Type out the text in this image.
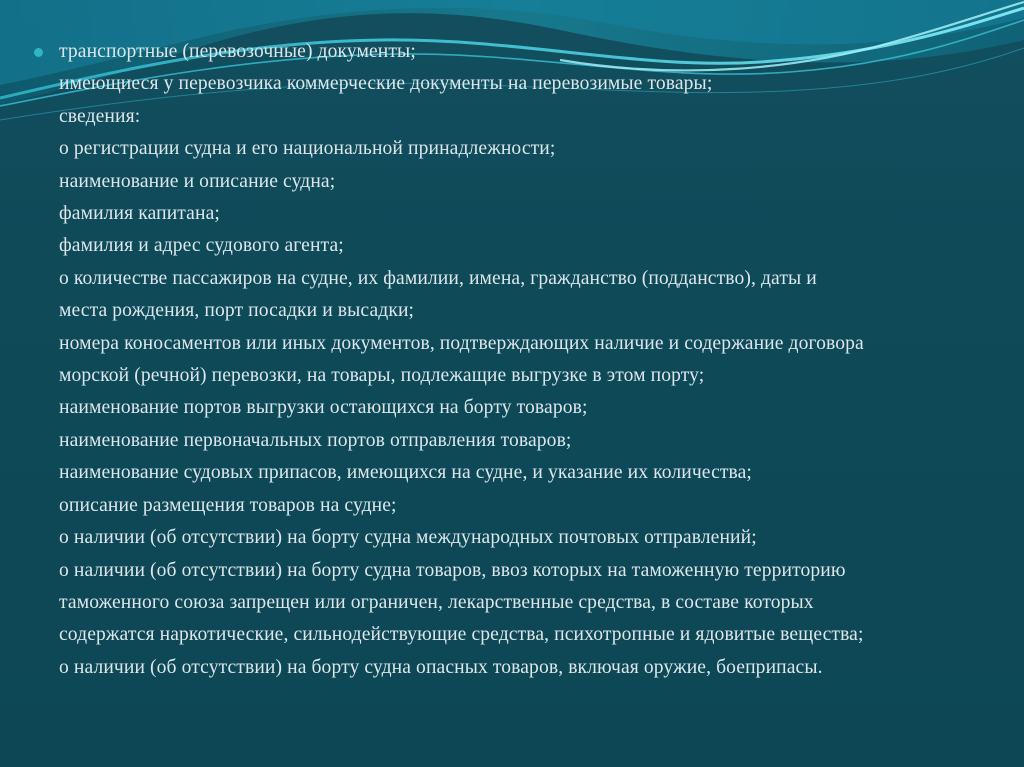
транспортные (перевозочные) документы;

имеющиеся у перевозчика коммерческие документы на перевозимые товары;

сведения:

о регистрации судна и его национальной принадлежности;

наименование и описание судна;

фамилия капитана;

фамилия и адрес судового агента;

о количестве пассажиров на судне, их фамилии, имена, гражданство (подданство), даты и

места рождения, порт посадки и высадки;

номера коносаментов или иных документов, подтверждающих наличие и содержание договора

морской (речной) перевозки, на товары, подлежащие выгрузке в этом порту;

наименование портов выгрузки остающихся на борту товаров;

наименование первоначальных портов отправления товаров;

наименование судовых припасов, имеющихся на судне, и указание их количества;

описание размещения товаров на судне;

о наличии (об отсутствии) на борту судна международных почтовых отправлений;

о наличии (об отсутствии) на борту судна товаров, ввоз которых на таможенную территорию

таможенного союза запрещен или ограничен, лекарственные средства, в составе которых

содержатся наркотические, сильнодействующие средства, психотропные и ядовитые вещества;

о наличии (об отсутствии) на борту судна опасных товаров, включая оружие, боеприпасы.
